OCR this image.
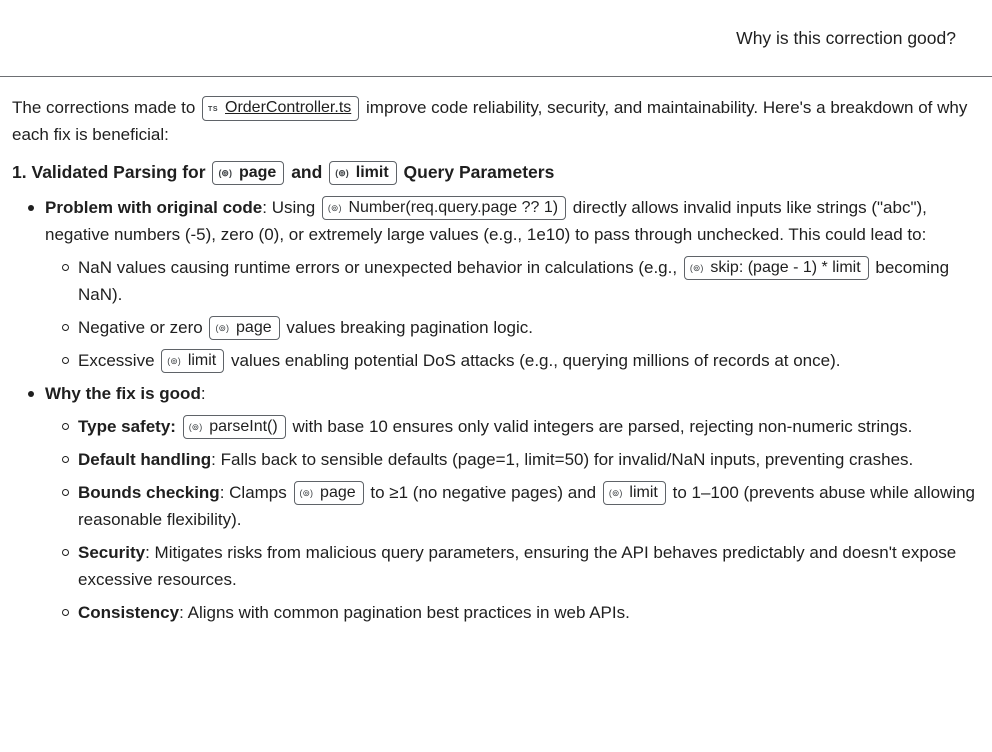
Why is this correction good?

The corrections made to TS OrderController.ts improve code reliability, security, and maintainability. Here's a breakdown of why each fix is beneficial:

1. Validated Parsing for (⊚) page and (⊚) limit Query Parameters
Problem with original code: Using (⊚) Number(req.query.page ?? 1) directly allows invalid inputs like strings ("abc"), negative numbers (-5), zero (0), or extremely large values (e.g., 1e10) to pass through unchecked. This could lead to:
NaN values causing runtime errors or unexpected behavior in calculations (e.g., (⊚) skip: (page - 1) * limit becoming NaN).
Negative or zero (⊚) page values breaking pagination logic.
Excessive (⊚) limit values enabling potential DoS attacks (e.g., querying millions of records at once).
Why the fix is good:
Type safety: (⊚) parseInt() with base 10 ensures only valid integers are parsed, rejecting non-numeric strings.
Default handling: Falls back to sensible defaults (page=1, limit=50) for invalid/NaN inputs, preventing crashes.
Bounds checking: Clamps (⊚) page to ≥1 (no negative pages) and (⊚) limit to 1–100 (prevents abuse while allowing reasonable flexibility).
Security: Mitigates risks from malicious query parameters, ensuring the API behaves predictably and doesn't expose excessive resources.
Consistency: Aligns with common pagination best practices in web APIs.
